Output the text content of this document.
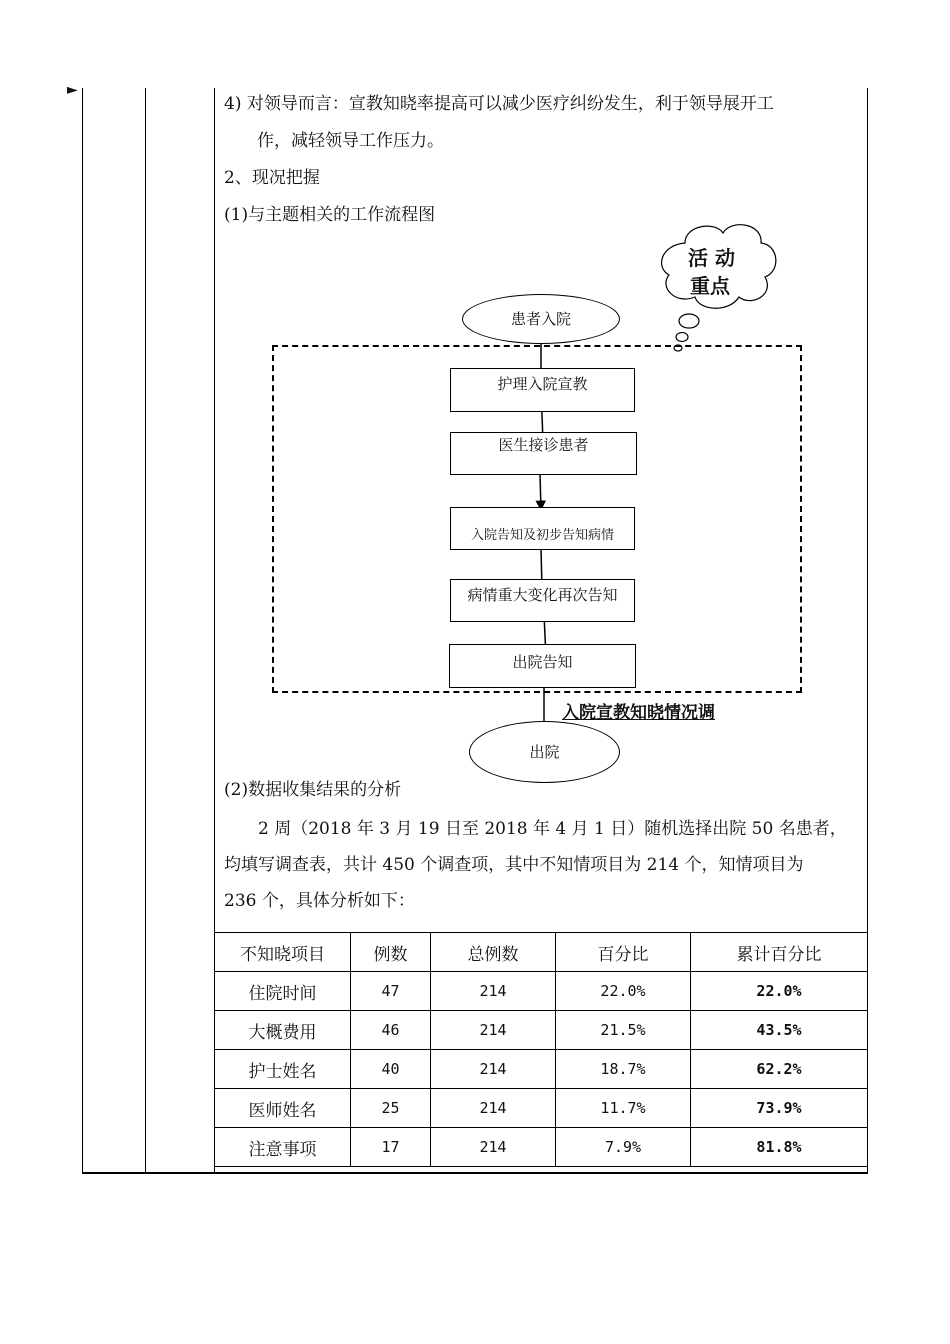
►
4) 对领导而言：宣教知晓率提高可以减少医疗纠纷发生，利于领导展开工
作，减轻领导工作压力。
2、现况把握
(1)与主题相关的工作流程图
活 动
重点
患者入院
护理入院宣教
医生接诊患者
入院告知及初步告知病情
病情重大变化再次告知
出院告知
入院宣教知晓情况调
出院
(2)数据收集结果的分析
2 周（2018 年 3 月 19 日至 2018 年 4 月 1 日）随机选择出院 50 名患者，
均填写调查表，共计 450 个调查项，其中不知情项目为 214 个，知情项目为
236 个，具体分析如下：
不知晓项目	例数	总例数	百分比	累计百分比
住院时间	47	214	22.0%	22.0%
大概费用	46	214	21.5%	43.5%
护士姓名	40	214	18.7%	62.2%
医师姓名	25	214	11.7%	73.9%
注意事项	17	214	7.9%	81.8%
